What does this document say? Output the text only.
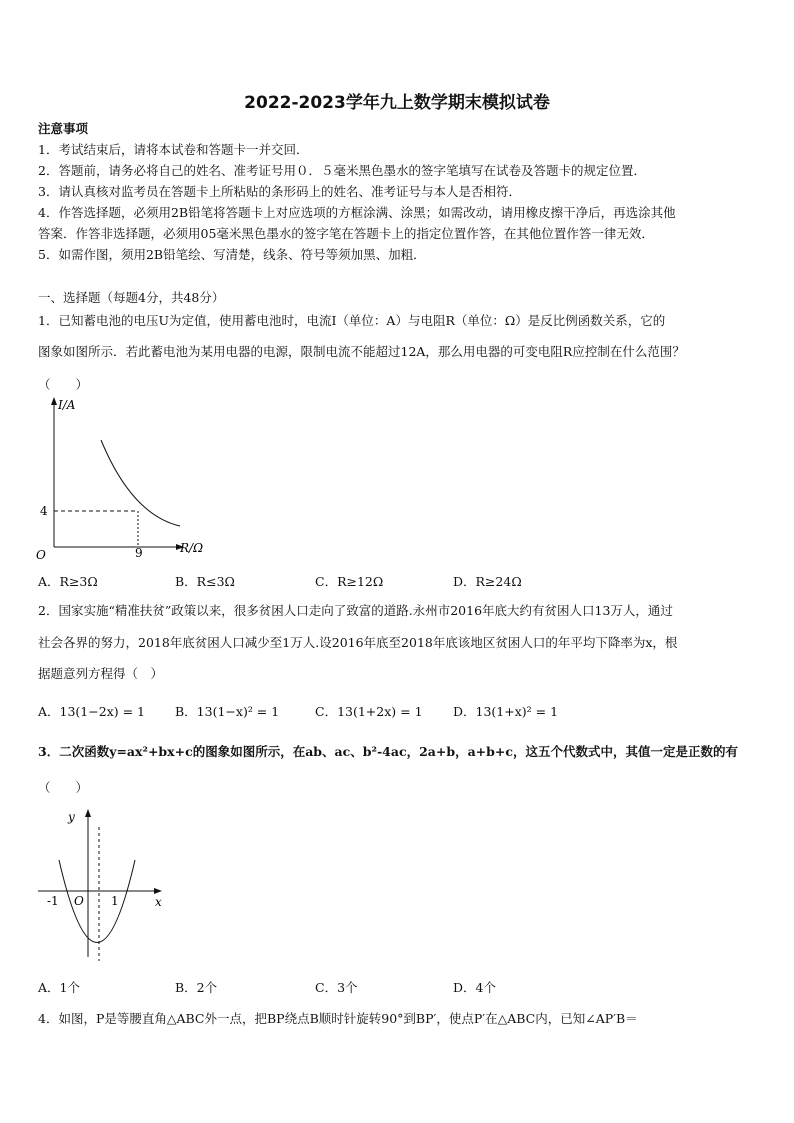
2022-2023学年九上数学期末模拟试卷
注意事项
1．考试结束后，请将本试卷和答题卡一并交回．
2．答题前，请务必将自己的姓名、准考证号用０．５毫米黑色墨水的签字笔填写在试卷及答题卡的规定位置．
3．请认真核对监考员在答题卡上所粘贴的条形码上的姓名、准考证号与本人是否相符．
4．作答选择题，必须用2B铅笔将答题卡上对应选项的方框涂满、涂黑；如需改动，请用橡皮擦干净后，再选涂其他
答案．作答非选择题，必须用05毫米黑色墨水的签字笔在答题卡上的指定位置作答，在其他位置作答一律无效．
5．如需作图，须用2B铅笔绘、写清楚，线条、符号等须加黑、加粗．
一、选择题（每题4分，共48分）
1．已知蓄电池的电压U为定值，使用蓄电池时，电流I（单位：A）与电阻R（单位：Ω）是反比例函数关系，它的
图象如图所示．若此蓄电池为某用电器的电源，限制电流不能超过12A，那么用电器的可变电阻R应控制在什么范围？
（　　）
I/A
R/Ω
O
4
9
A．R≥3Ω	B．R≤3Ω	C．R≥12Ω	D．R≥24Ω
2．国家实施“精准扶贫”政策以来，很多贫困人口走向了致富的道路.永州市2016年底大约有贫困人口13万人，通过
社会各界的努力，2018年底贫困人口减少至1万人.设2016年底至2018年底该地区贫困人口的年平均下降率为x，根
据题意列方程得（　）
A．13(1−2x) = 1 B．13(1−x)² = 1	C．13(1+2x) = 1 D．13(1+x)² = 1
3．二次函数y=ax²+bx+c的图象如图所示，在ab、ac、b²-4ac，2a+b，a+b+c，这五个代数式中，其值一定是正数的有
（　　）
y
x
-1 O 1
A．1个	B．2个	C．3个	D．4个
4．如图，P是等腰直角△ABC外一点，把BP绕点B顺时针旋转90°到BP′，使点P′在△ABC内，已知∠AP′B＝
